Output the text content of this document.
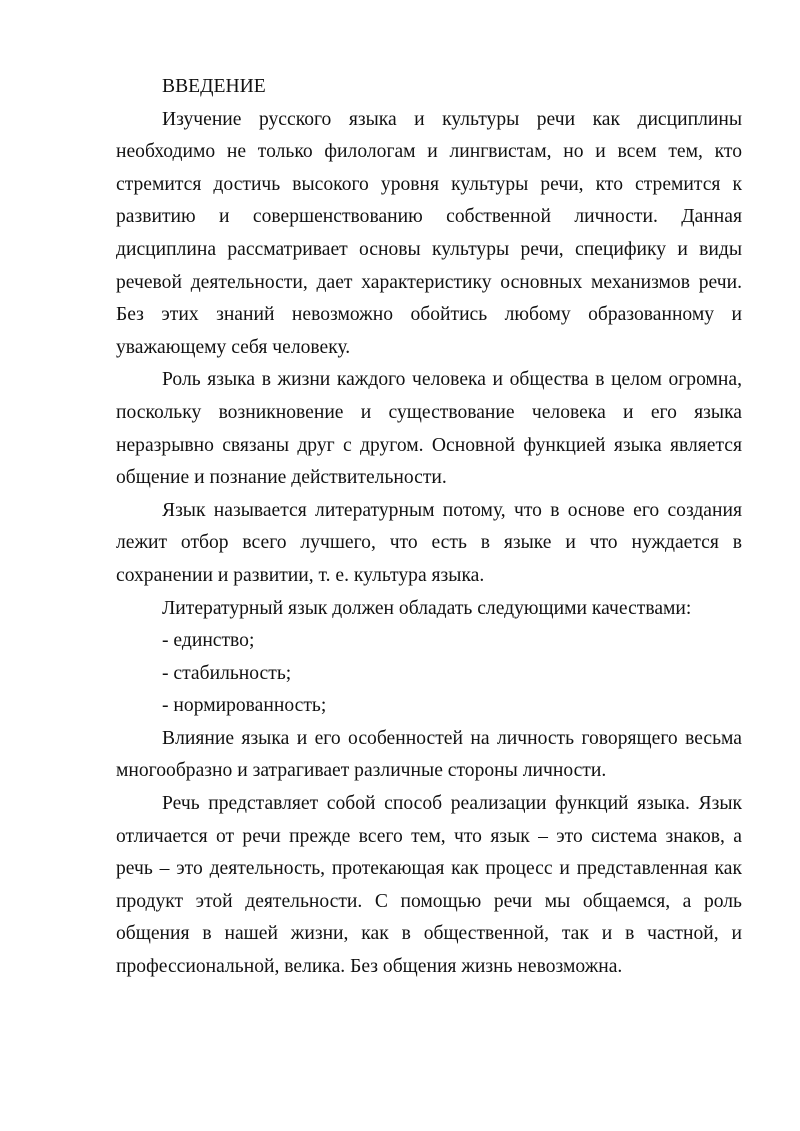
ВВЕДЕНИЕ

Изучение русского языка и культуры речи как дисциплины необходимо не только филологам и лингвистам, но и всем тем, кто стремится достичь высокого уровня культуры речи, кто стремится к развитию и совершенствованию собственной личности. Данная дисциплина рассматривает основы культуры речи, специфику и виды речевой деятельности, дает характеристику основных механизмов речи. Без этих знаний невозможно обойтись любому образованному и уважающему себя человеку.

Роль языка в жизни каждого человека и общества в целом огромна, поскольку возникновение и существование человека и его языка неразрывно связаны друг с другом. Основной функцией языка является общение и познание действительности.

Язык называется литературным потому, что в основе его создания лежит отбор всего лучшего, что есть в языке и что нуждается в сохранении и развитии, т. е. культура языка.

Литературный язык должен обладать следующими качествами:

- единство;

- стабильность;

- нормированность;

Влияние языка и его особенностей на личность говорящего весьма многообразно и затрагивает различные стороны личности.

Речь представляет собой способ реализации функций языка. Язык отличается от речи прежде всего тем, что язык – это система знаков, а речь – это деятельность, протекающая как процесс и представленная как продукт этой деятельности. С помощью речи мы общаемся, а роль общения в нашей жизни, как в общественной, так и в частной, и профессиональной, велика. Без общения жизнь невозможна.
